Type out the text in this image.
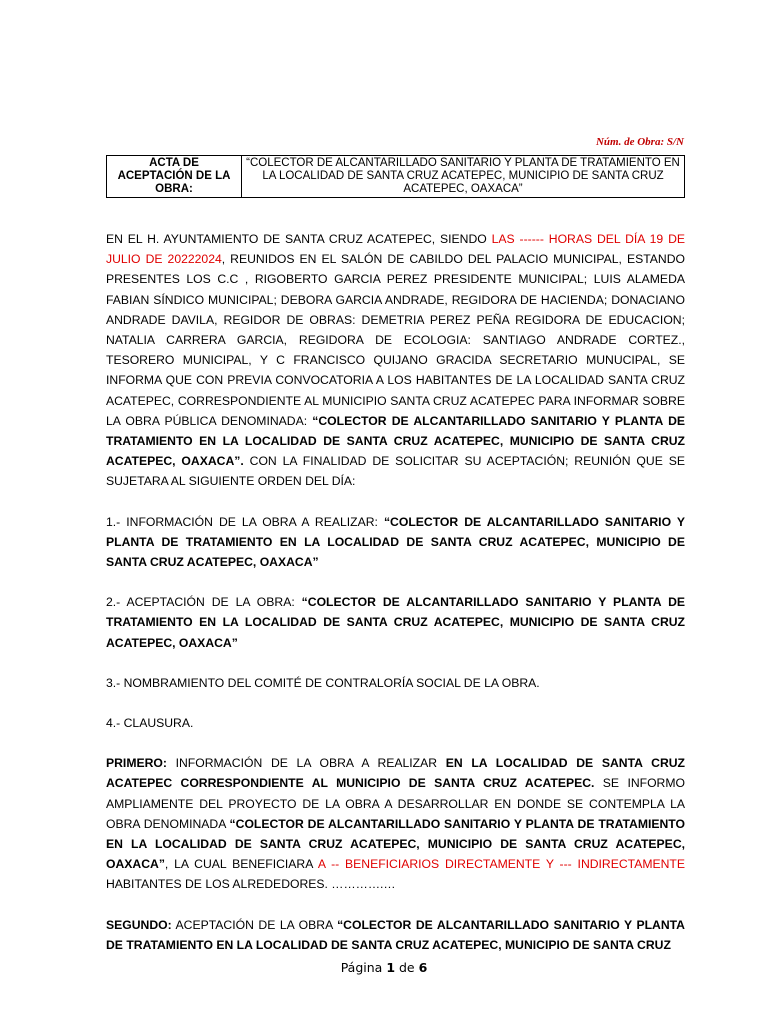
Núm. de Obra: S/N
ACTA DE ACEPTACIÓN DE LA OBRA:	“COLECTOR DE ALCANTARILLADO SANITARIO Y PLANTA DE TRATAMIENTO EN LA LOCALIDAD DE SANTA CRUZ ACATEPEC, MUNICIPIO DE SANTA CRUZ ACATEPEC, OAXACA”

EN EL H. AYUNTAMIENTO DE SANTA CRUZ ACATEPEC, SIENDO LAS ------ HORAS DEL DÍA 19 DE JULIO DE 20222024, REUNIDOS EN EL SALÓN DE CABILDO DEL PALACIO MUNICIPAL, ESTANDO PRESENTES LOS C.C , RIGOBERTO GARCIA PEREZ PRESIDENTE MUNICIPAL; LUIS ALAMEDA FABIAN SÍNDICO MUNICIPAL; DEBORA GARCIA ANDRADE, REGIDORA DE HACIENDA; DONACIANO ANDRADE DAVILA, REGIDOR DE OBRAS: DEMETRIA PEREZ PEÑA REGIDORA DE EDUCACION; NATALIA CARRERA GARCIA, REGIDORA DE ECOLOGIA: SANTIAGO ANDRADE CORTEZ., TESORERO MUNICIPAL, Y C FRANCISCO QUIJANO GRACIDA SECRETARIO MUNUCIPAL, SE INFORMA QUE CON PREVIA CONVOCATORIA A LOS HABITANTES DE LA LOCALIDAD SANTA CRUZ ACATEPEC, CORRESPONDIENTE AL MUNICIPIO SANTA CRUZ ACATEPEC PARA INFORMAR SOBRE LA OBRA PÚBLICA DENOMINADA: “COLECTOR DE ALCANTARILLADO SANITARIO Y PLANTA DE TRATAMIENTO EN LA LOCALIDAD DE SANTA CRUZ ACATEPEC, MUNICIPIO DE SANTA CRUZ ACATEPEC, OAXACA”. CON LA FINALIDAD DE SOLICITAR SU ACEPTACIÓN; REUNIÓN QUE SE SUJETARA AL SIGUIENTE ORDEN DEL DÍA:

1.- INFORMACIÓN DE LA OBRA A REALIZAR: “COLECTOR DE ALCANTARILLADO SANITARIO Y PLANTA DE TRATAMIENTO EN LA LOCALIDAD DE SANTA CRUZ ACATEPEC, MUNICIPIO DE SANTA CRUZ ACATEPEC, OAXACA”

2.- ACEPTACIÓN DE LA OBRA: “COLECTOR DE ALCANTARILLADO SANITARIO Y PLANTA DE TRATAMIENTO EN LA LOCALIDAD DE SANTA CRUZ ACATEPEC, MUNICIPIO DE SANTA CRUZ ACATEPEC, OAXACA”

3.- NOMBRAMIENTO DEL COMITÉ DE CONTRALORÍA SOCIAL DE LA OBRA.

4.- CLAUSURA.

PRIMERO: INFORMACIÓN DE LA OBRA A REALIZAR EN LA LOCALIDAD DE SANTA CRUZ ACATEPEC CORRESPONDIENTE AL MUNICIPIO DE SANTA CRUZ ACATEPEC. SE INFORMO AMPLIAMENTE DEL PROYECTO DE LA OBRA A DESARROLLAR EN DONDE SE CONTEMPLA LA OBRA DENOMINADA “COLECTOR DE ALCANTARILLADO SANITARIO Y PLANTA DE TRATAMIENTO EN LA LOCALIDAD DE SANTA CRUZ ACATEPEC, MUNICIPIO DE SANTA CRUZ ACATEPEC, OAXACA”, LA CUAL BENEFICIARA A -- BENEFICIARIOS DIRECTAMENTE Y --- INDIRECTAMENTE HABITANTES DE LOS ALREDEDORES. ………….…

SEGUNDO: ACEPTACIÓN DE LA OBRA “COLECTOR DE ALCANTARILLADO SANITARIO Y PLANTA DE TRATAMIENTO EN LA LOCALIDAD DE SANTA CRUZ ACATEPEC, MUNICIPIO DE SANTA CRUZ

Página 1 de 6
